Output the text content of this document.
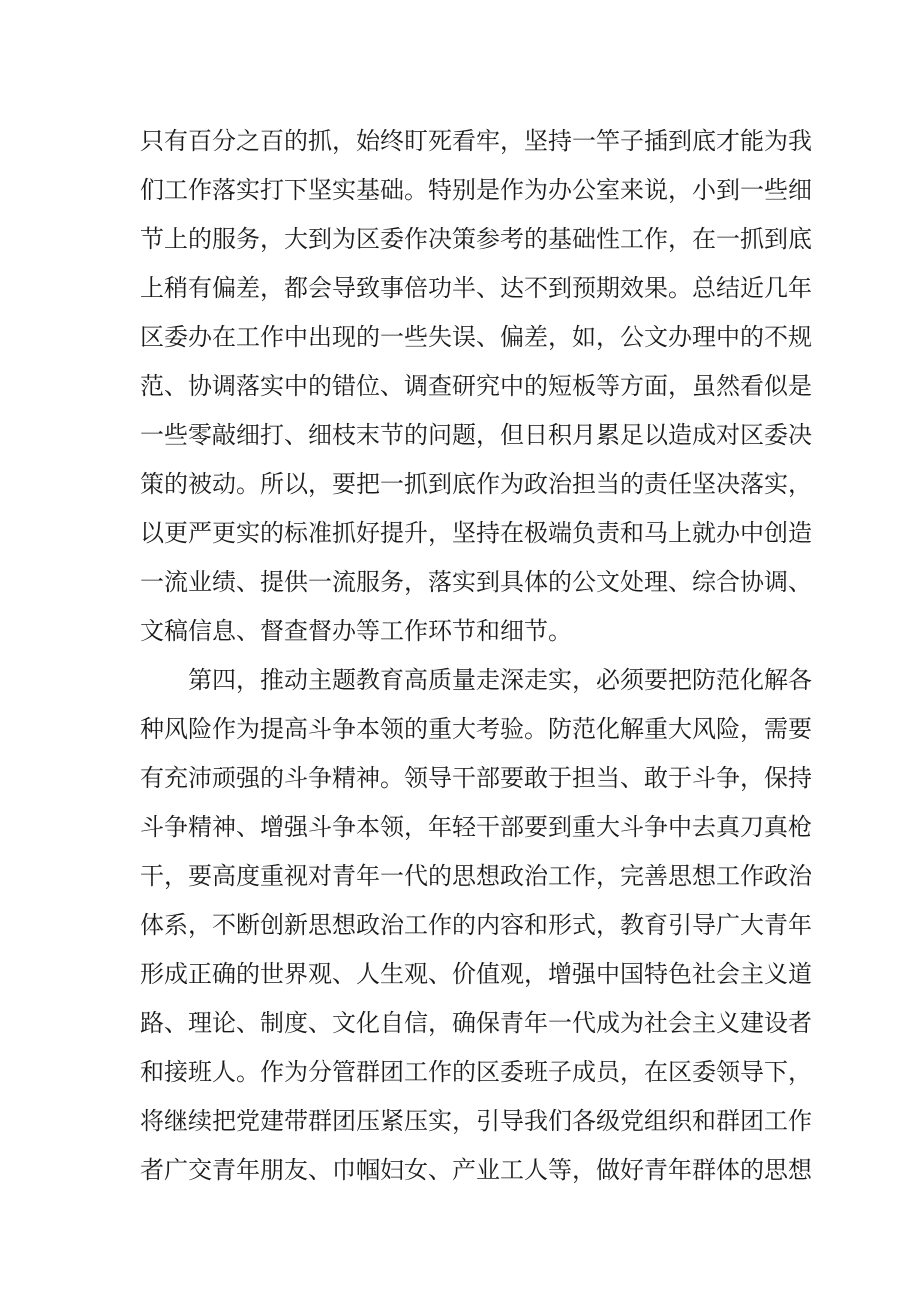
只有百分之百的抓，始终盯死看牢，坚持一竿子插到底才能为我
们工作落实打下坚实基础。特别是作为办公室来说，小到一些细
节上的服务，大到为区委作决策参考的基础性工作，在一抓到底
上稍有偏差，都会导致事倍功半、达不到预期效果。总结近几年
区委办在工作中出现的一些失误、偏差，如，公文办理中的不规
范、协调落实中的错位、调查研究中的短板等方面，虽然看似是
一些零敲细打、细枝末节的问题，但日积月累足以造成对区委决
策的被动。所以，要把一抓到底作为政治担当的责任坚决落实，
以更严更实的标准抓好提升，坚持在极端负责和马上就办中创造
一流业绩、提供一流服务，落实到具体的公文处理、综合协调、
文稿信息、督查督办等工作环节和细节。
第四，推动主题教育高质量走深走实，必须要把防范化解各
种风险作为提高斗争本领的重大考验。防范化解重大风险，需要
有充沛顽强的斗争精神。领导干部要敢于担当、敢于斗争，保持
斗争精神、增强斗争本领，年轻干部要到重大斗争中去真刀真枪
干，要高度重视对青年一代的思想政治工作，完善思想工作政治
体系，不断创新思想政治工作的内容和形式，教育引导广大青年
形成正确的世界观、人生观、价值观，增强中国特色社会主义道
路、理论、制度、文化自信，确保青年一代成为社会主义建设者
和接班人。作为分管群团工作的区委班子成员，在区委领导下，
将继续把党建带群团压紧压实，引导我们各级党组织和群团工作
者广交青年朋友、巾帼妇女、产业工人等，做好青年群体的思想
